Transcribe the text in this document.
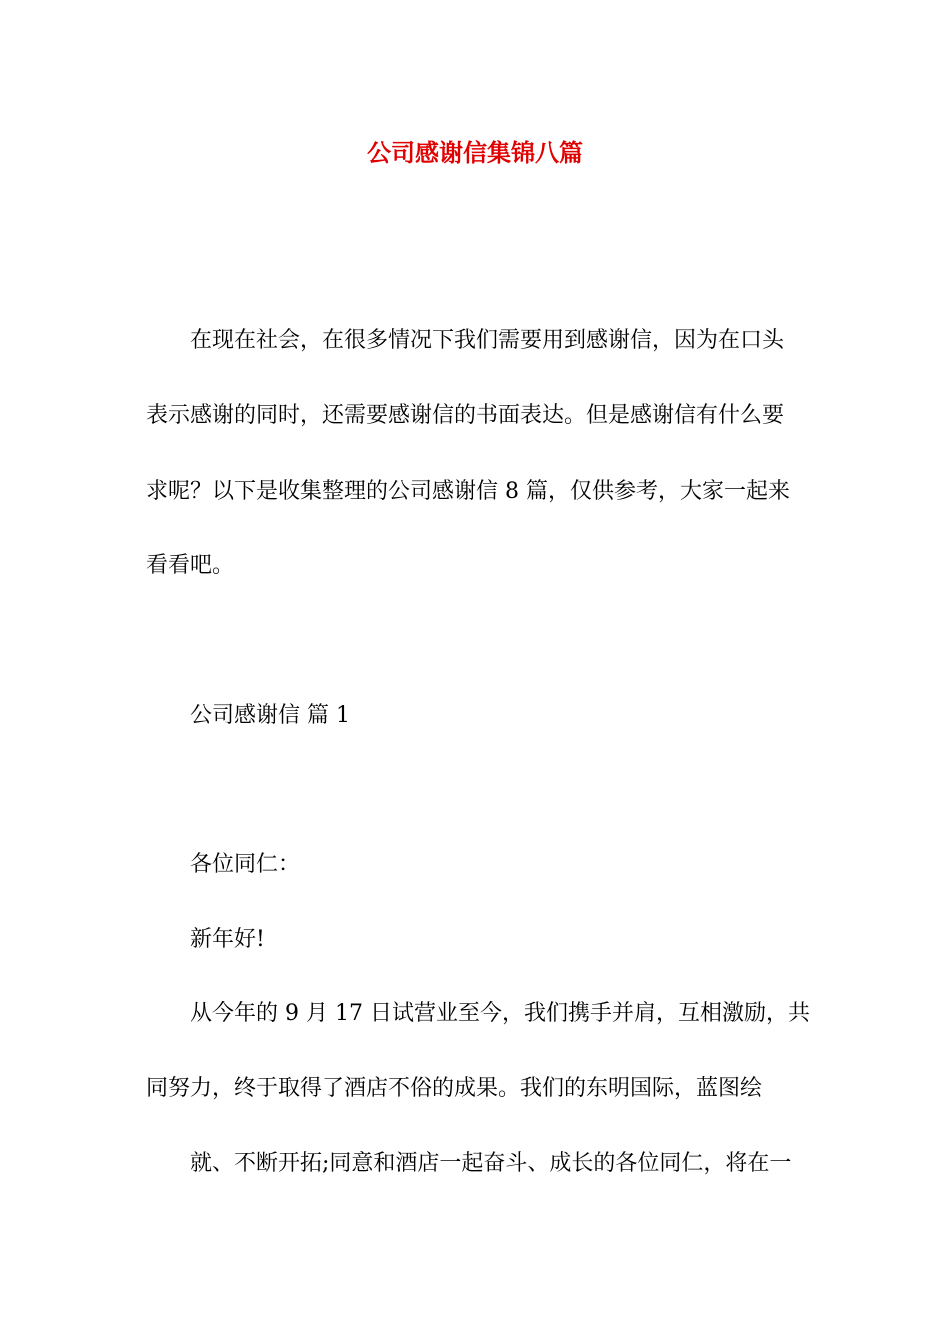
公司感谢信集锦八篇

在现在社会，在很多情况下我们需要用到感谢信，因为在口头

表示感谢的同时，还需要感谢信的书面表达。但是感谢信有什么要

求呢？以下是收集整理的公司感谢信 8 篇，仅供参考，大家一起来

看看吧。

公司感谢信 篇 1

各位同仁：

新年好!

从今年的 9 月 17 日试营业至今，我们携手并肩，互相激励，共

同努力，终于取得了酒店不俗的成果。我们的东明国际，蓝图绘

就、不断开拓;同意和酒店一起奋斗、成长的各位同仁，将在一
